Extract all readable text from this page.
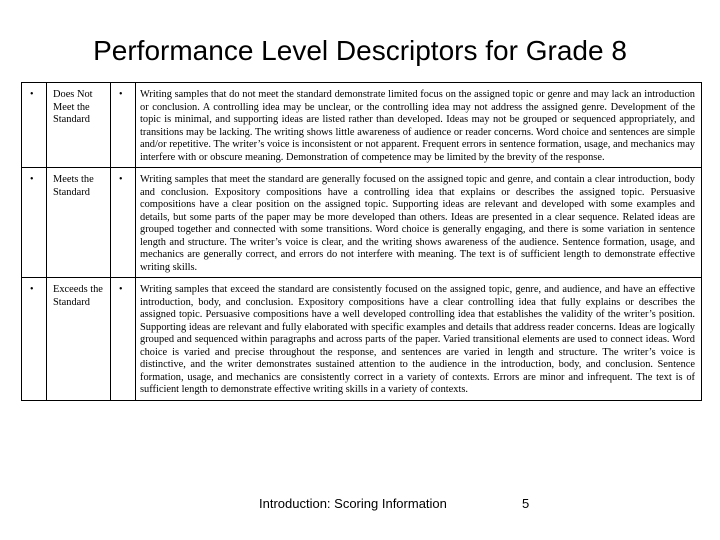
Performance Level Descriptors for Grade 8
•	Does Not Meet the Standard	•	Writing samples that do not meet the standard demonstrate limited focus on the assigned topic or genre and may lack an introduction or conclusion. A controlling idea may be unclear, or the controlling idea may not address the assigned genre. Development of the topic is minimal, and supporting ideas are listed rather than developed. Ideas may not be grouped or sequenced appropriately, and transitions may be lacking. The writing shows little awareness of audience or reader concerns. Word choice and sentences are simple and/or repetitive. The writer’s voice is inconsistent or not apparent. Frequent errors in sentence formation, usage, and mechanics may interfere with or obscure meaning. Demonstration of competence may be limited by the brevity of the response.
•	Meets the Standard	•	Writing samples that meet the standard are generally focused on the assigned topic and genre, and contain a clear introduction, body and conclusion. Expository compositions have a controlling idea that explains or describes the assigned topic. Persuasive compositions have a clear position on the assigned topic. Supporting ideas are relevant and developed with some examples and details, but some parts of the paper may be more developed than others. Ideas are presented in a clear sequence. Related ideas are grouped together and connected with some transitions. Word choice is generally engaging, and there is some variation in sentence length and structure. The writer’s voice is clear, and the writing shows awareness of the audience. Sentence formation, usage, and mechanics are generally correct, and errors do not interfere with meaning. The text is of sufficient length to demonstrate effective writing skills.
•	Exceeds the Standard	•	Writing samples that exceed the standard are consistently focused on the assigned topic, genre, and audience, and have an effective introduction, body, and conclusion. Expository compositions have a clear controlling idea that fully explains or describes the assigned topic. Persuasive compositions have a well developed controlling idea that establishes the validity of the writer’s position. Supporting ideas are relevant and fully elaborated with specific examples and details that address reader concerns. Ideas are logically grouped and sequenced within paragraphs and across parts of the paper. Varied transitional elements are used to connect ideas. Word choice is varied and precise throughout the response, and sentences are varied in length and structure. The writer’s voice is distinctive, and the writer demonstrates sustained attention to the audience in the introduction, body, and conclusion. Sentence formation, usage, and mechanics are consistently correct in a variety of contexts. Errors are minor and infrequent. The text is of sufficient length to demonstrate effective writing skills in a variety of contexts.
Introduction: Scoring Information	5
